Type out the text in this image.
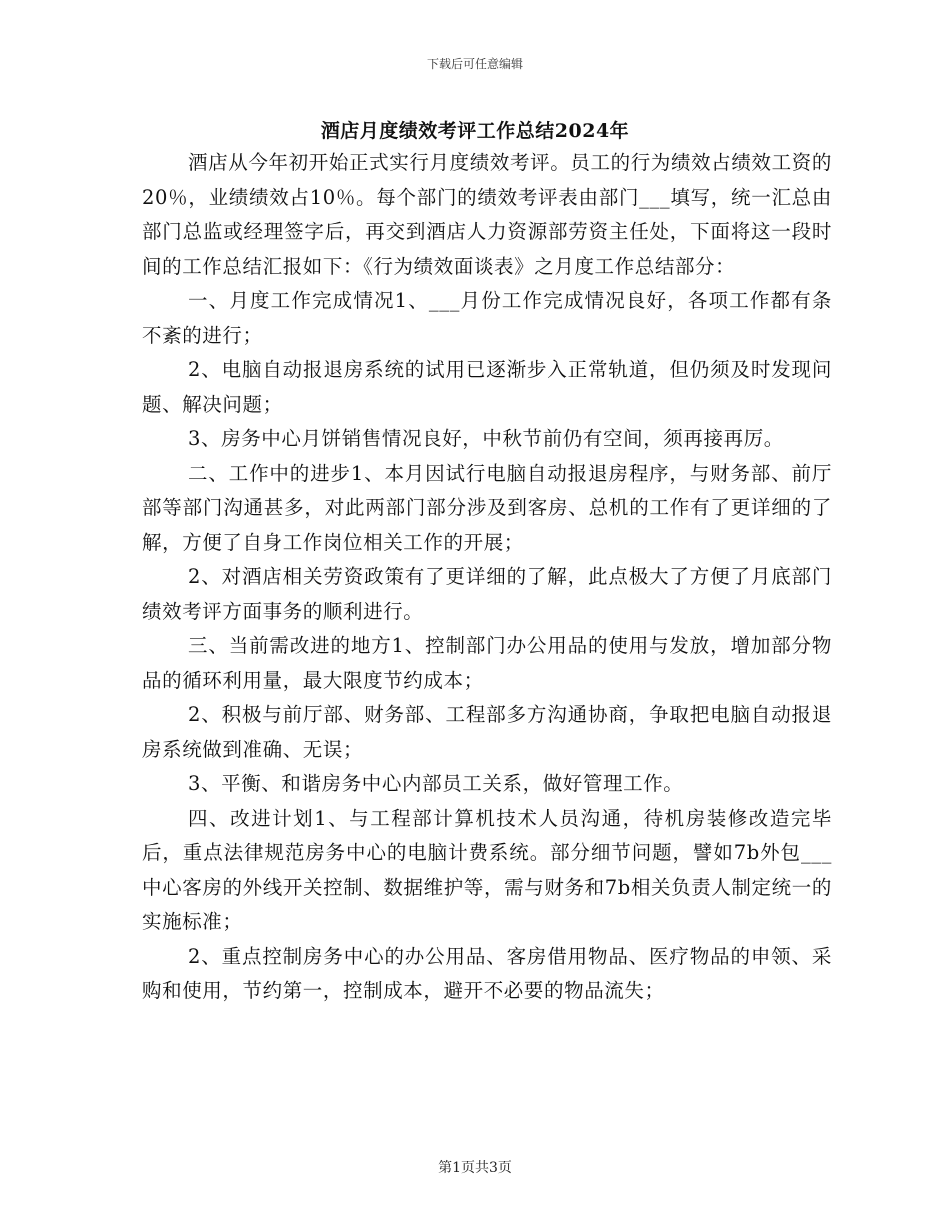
下载后可任意编辑
酒店月度绩效考评工作总结2024年

酒店从今年初开始正式实行月度绩效考评。员工的行为绩效占绩效工资的20％，业绩绩效占10％。每个部门的绩效考评表由部门___填写，统一汇总由部门总监或经理签字后，再交到酒店人力资源部劳资主任处，下面将这一段时间的工作总结汇报如下：《行为绩效面谈表》之月度工作总结部分：

一、月度工作完成情况1、___月份工作完成情况良好，各项工作都有条不紊的进行；

2、电脑自动报退房系统的试用已逐渐步入正常轨道，但仍须及时发现问题、解决问题；

3、房务中心月饼销售情况良好，中秋节前仍有空间，须再接再厉。

二、工作中的进步1、本月因试行电脑自动报退房程序，与财务部、前厅部等部门沟通甚多，对此两部门部分涉及到客房、总机的工作有了更详细的了解，方便了自身工作岗位相关工作的开展；

2、对酒店相关劳资政策有了更详细的了解，此点极大了方便了月底部门绩效考评方面事务的顺利进行。

三、当前需改进的地方1、控制部门办公用品的使用与发放，增加部分物品的循环利用量，最大限度节约成本；

2、积极与前厅部、财务部、工程部多方沟通协商，争取把电脑自动报退房系统做到准确、无误；

3、平衡、和谐房务中心内部员工关系，做好管理工作。

四、改进计划1、与工程部计算机技术人员沟通，待机房装修改造完毕后，重点法律规范房务中心的电脑计费系统。部分细节问题，譬如7b外包___中心客房的外线开关控制、数据维护等，需与财务和7b相关负责人制定统一的实施标准；

2、重点控制房务中心的办公用品、客房借用物品、医疗物品的申领、采购和使用，节约第一，控制成本，避开不必要的物品流失；

第1页共3页
